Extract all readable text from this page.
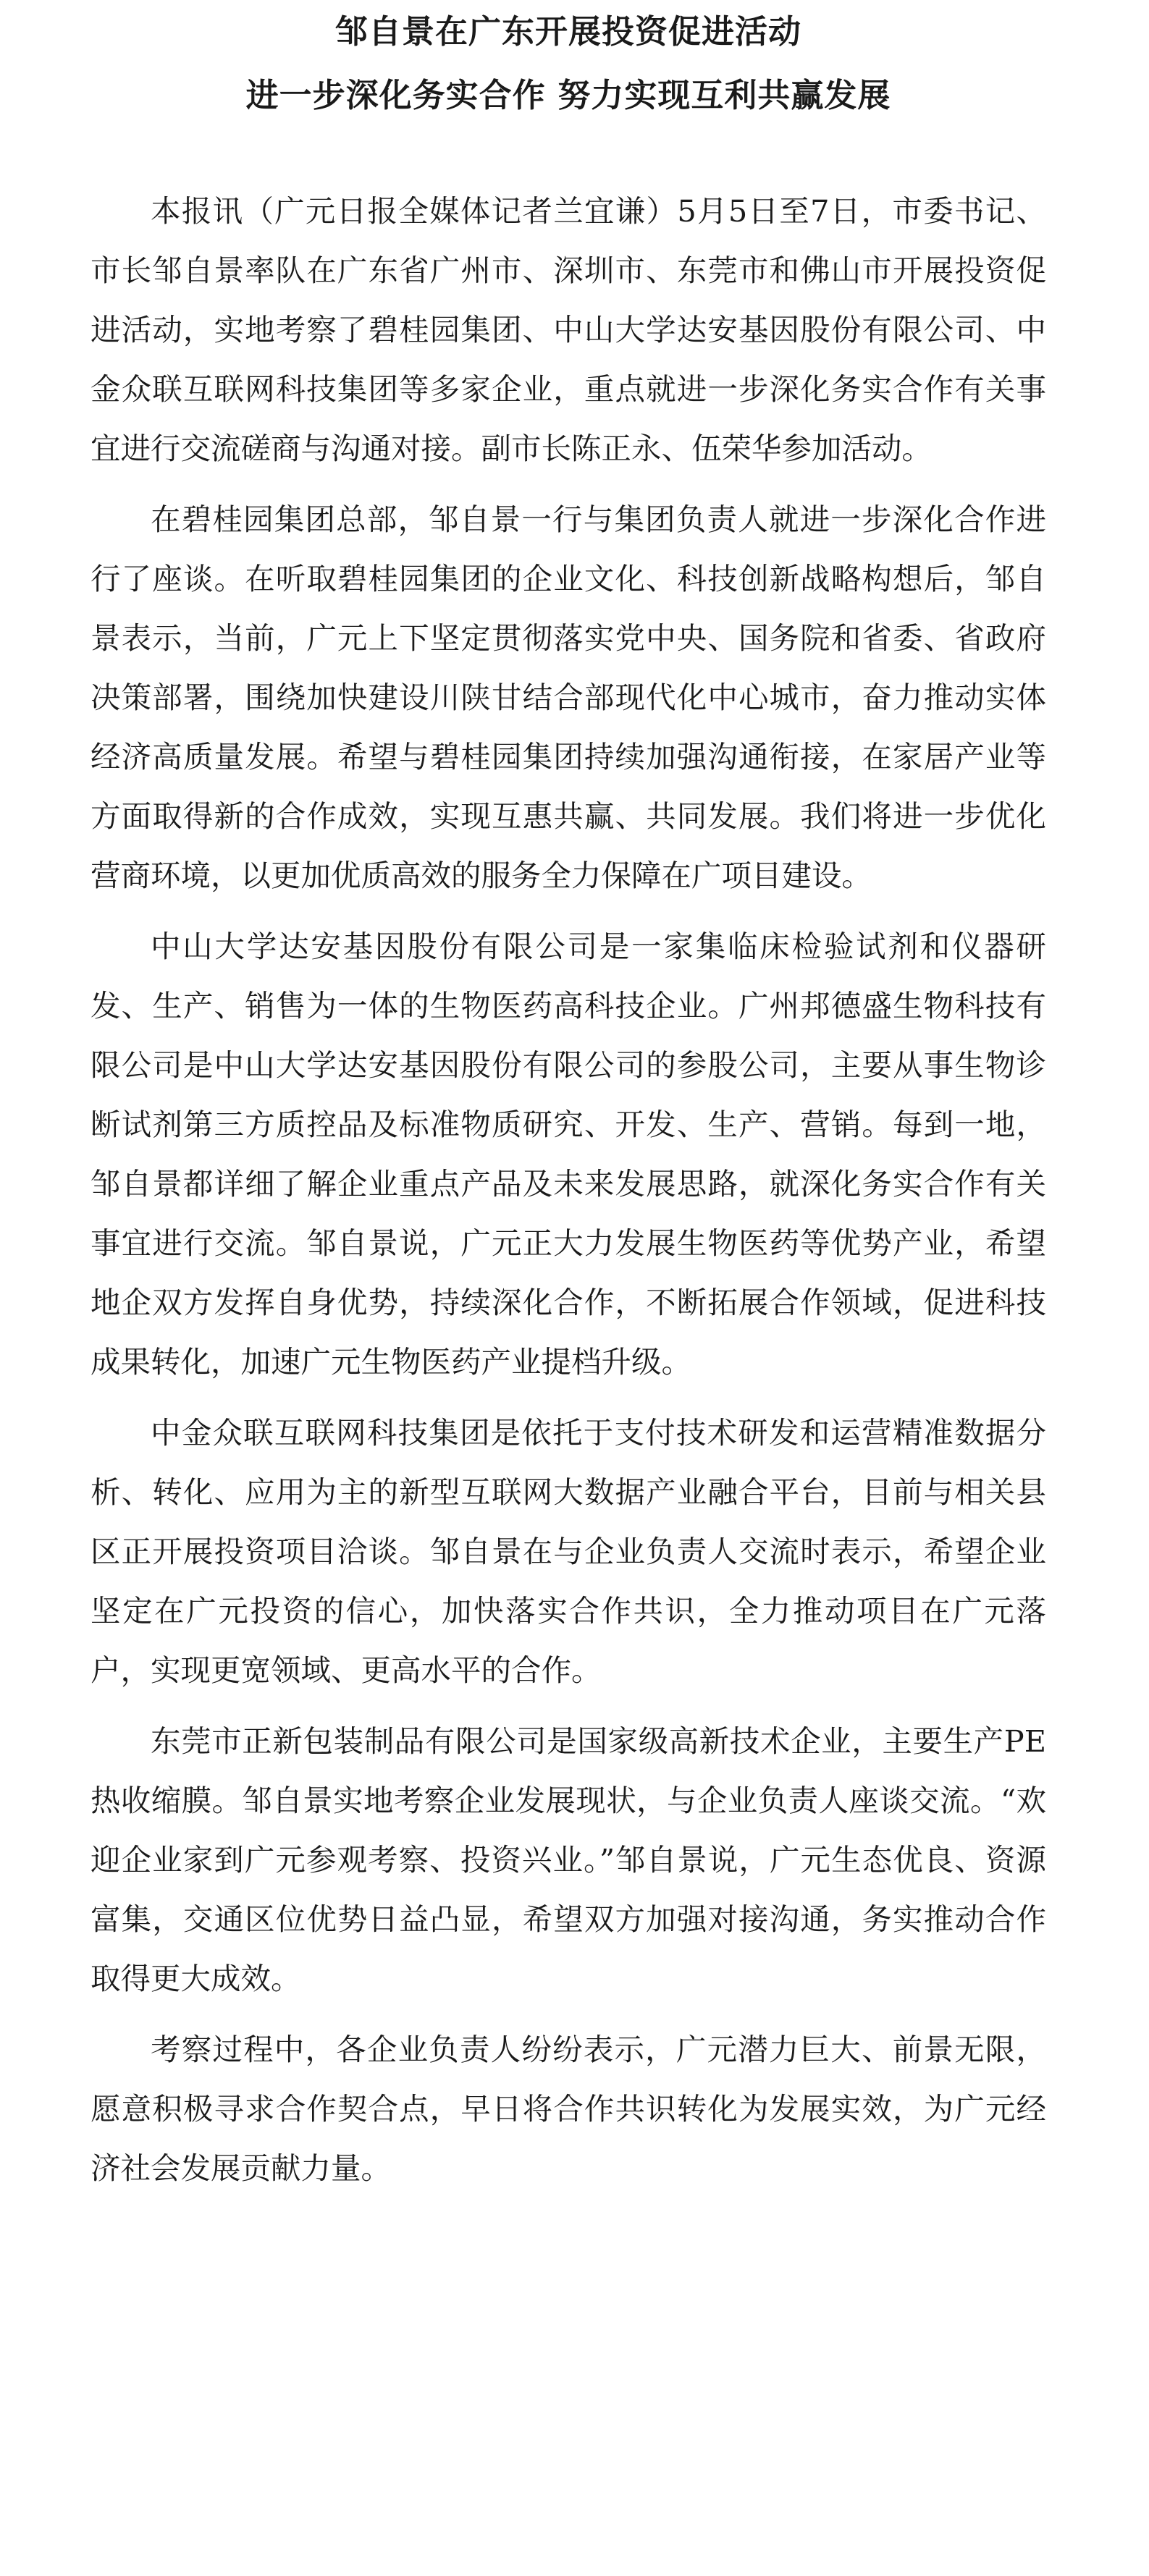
邹自景在广东开展投资促进活动
进一步深化务实合作 努力实现互利共赢发展

本报讯（广元日报全媒体记者兰宜谦）5月5日至7日，市委书记、市长邹自景率队在广东省广州市、深圳市、东莞市和佛山市开展投资促进活动，实地考察了碧桂园集团、中山大学达安基因股份有限公司、中金众联互联网科技集团等多家企业，重点就进一步深化务实合作有关事宜进行交流磋商与沟通对接。副市长陈正永、伍荣华参加活动。

在碧桂园集团总部，邹自景一行与集团负责人就进一步深化合作进行了座谈。在听取碧桂园集团的企业文化、科技创新战略构想后，邹自景表示，当前，广元上下坚定贯彻落实党中央、国务院和省委、省政府决策部署，围绕加快建设川陕甘结合部现代化中心城市，奋力推动实体经济高质量发展。希望与碧桂园集团持续加强沟通衔接，在家居产业等方面取得新的合作成效，实现互惠共赢、共同发展。我们将进一步优化营商环境，以更加优质高效的服务全力保障在广项目建设。

中山大学达安基因股份有限公司是一家集临床检验试剂和仪器研发、生产、销售为一体的生物医药高科技企业。广州邦德盛生物科技有限公司是中山大学达安基因股份有限公司的参股公司，主要从事生物诊断试剂第三方质控品及标准物质研究、开发、生产、营销。每到一地，邹自景都详细了解企业重点产品及未来发展思路，就深化务实合作有关事宜进行交流。邹自景说，广元正大力发展生物医药等优势产业，希望地企双方发挥自身优势，持续深化合作，不断拓展合作领域，促进科技成果转化，加速广元生物医药产业提档升级。

中金众联互联网科技集团是依托于支付技术研发和运营精准数据分析、转化、应用为主的新型互联网大数据产业融合平台，目前与相关县区正开展投资项目洽谈。邹自景在与企业负责人交流时表示，希望企业坚定在广元投资的信心，加快落实合作共识，全力推动项目在广元落户，实现更宽领域、更高水平的合作。

东莞市正新包装制品有限公司是国家级高新技术企业，主要生产PE热收缩膜。邹自景实地考察企业发展现状，与企业负责人座谈交流。“欢迎企业家到广元参观考察、投资兴业。”邹自景说，广元生态优良、资源富集，交通区位优势日益凸显，希望双方加强对接沟通，务实推动合作取得更大成效。

考察过程中，各企业负责人纷纷表示，广元潜力巨大、前景无限，愿意积极寻求合作契合点，早日将合作共识转化为发展实效，为广元经济社会发展贡献力量。
